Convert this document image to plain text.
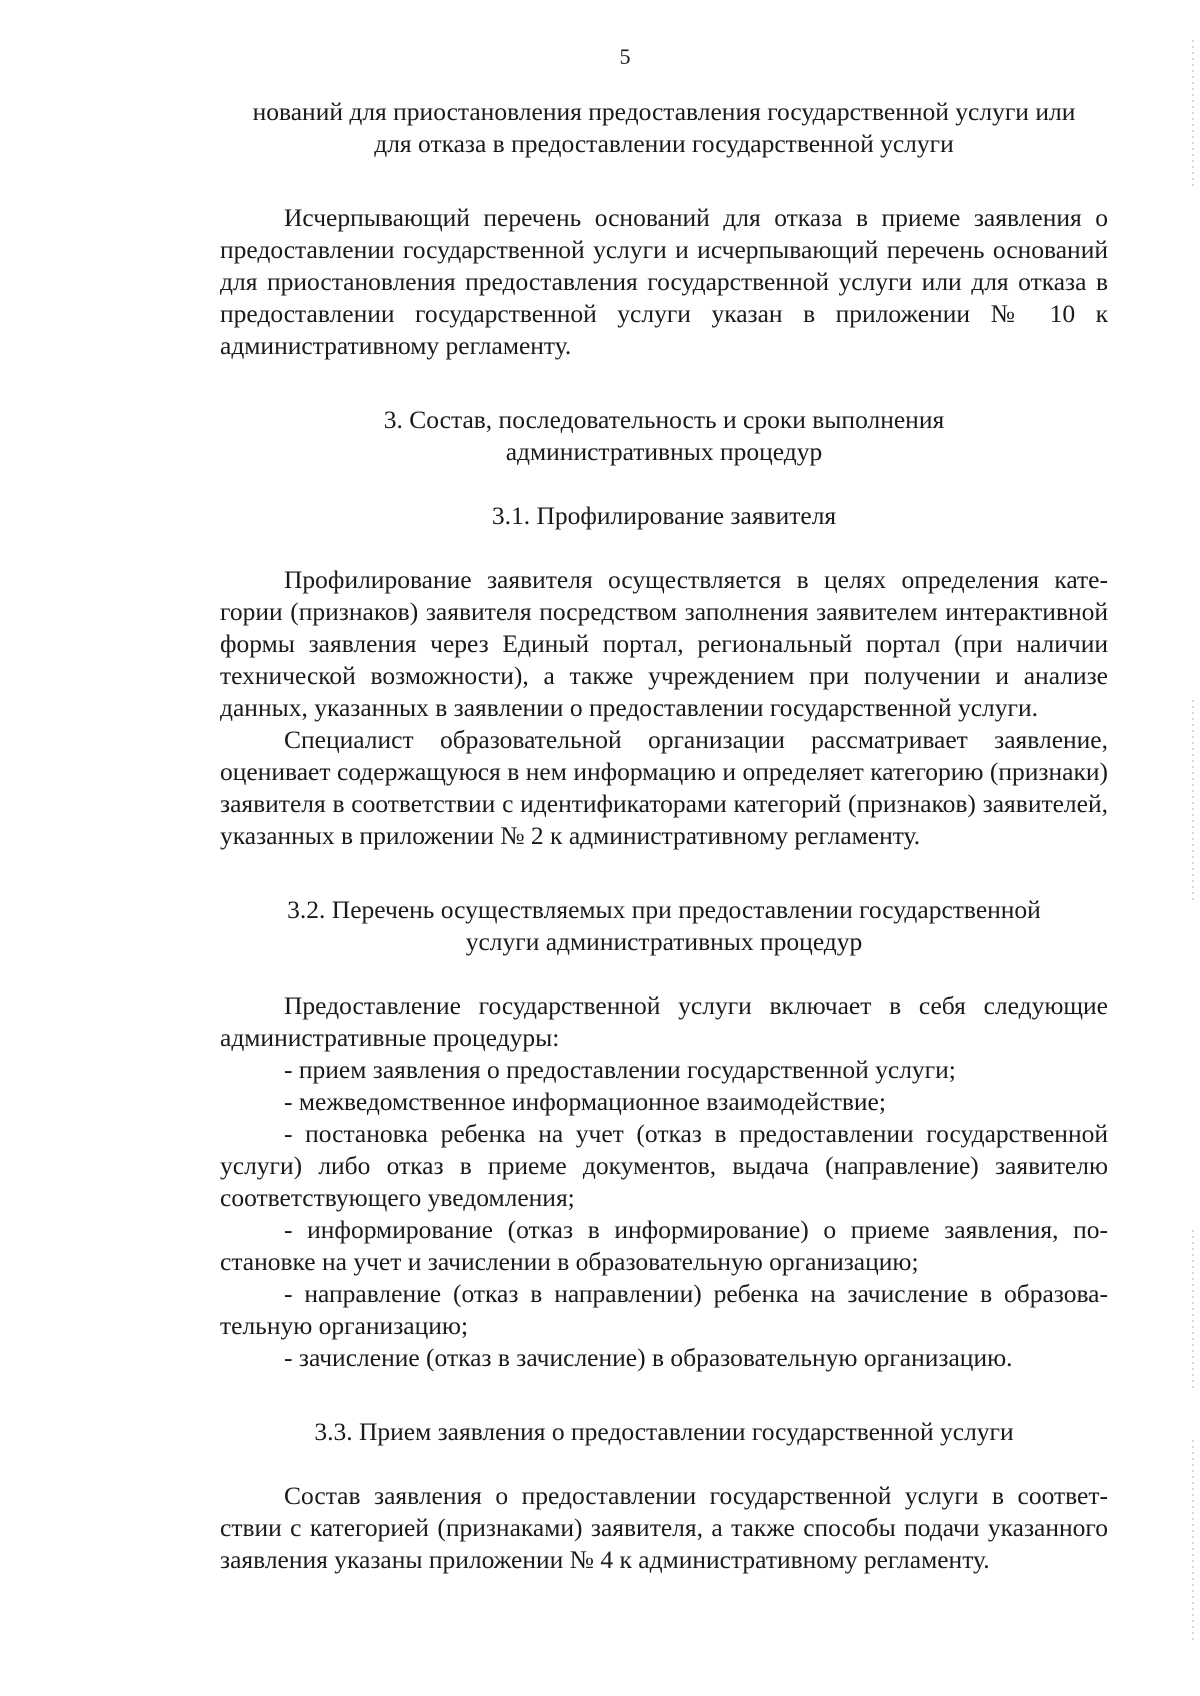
5

нований для приостановления предоставления государственной услуги или

для отказа в предоставлении государственной услуги

Исчерпывающий перечень оснований для отказа в приеме заявления о предоставлении государственной услуги и исчерпывающий перечень оснований для приостановления предоставления государственной услуги или для отказа в предоставлении государственной услуги указан в приложении № 10 к административному регламенту.

3. Состав, последовательность и сроки выполнения

административных процедур

3.1. Профилирование заявителя

Профилирование заявителя осуществляется в целях определения категории (признаков) заявителя посредством заполнения заявителем интерактивной формы заявления через Единый портал, региональный портал (при наличии технической возможности), а также учреждением при получении и анализе данных, указанных в заявлении о предоставлении государственной услуги.

Специалист образовательной организации рассматривает заявление, оценивает содержащуюся в нем информацию и определяет категорию (признаки) заявителя в соответствии с идентификаторами категорий (признаков) заявителей, указанных в приложении № 2 к административному регламенту.

3.2. Перечень осуществляемых при предоставлении государственной

услуги административных процедур

Предоставление государственной услуги включает в себя следующие административные процедуры:

- прием заявления о предоставлении государственной услуги;

- межведомственное информационное взаимодействие;

- постановка ребенка на учет (отказ в предоставлении государственной услуги) либо отказ в приеме документов, выдача (направление) заявителю соответствующего уведомления;

- информирование (отказ в информирование) о приеме заявления, постановке на учет и зачислении в образовательную организацию;

- направление (отказ в направлении) ребенка на зачисление в образовательную организацию;

- зачисление (отказ в зачисление) в образовательную организацию.

3.3. Прием заявления о предоставлении государственной услуги

Состав заявления о предоставлении государственной услуги в соответствии с категорией (признаками) заявителя, а также способы подачи указанного заявления указаны приложении № 4 к административному регламенту.
